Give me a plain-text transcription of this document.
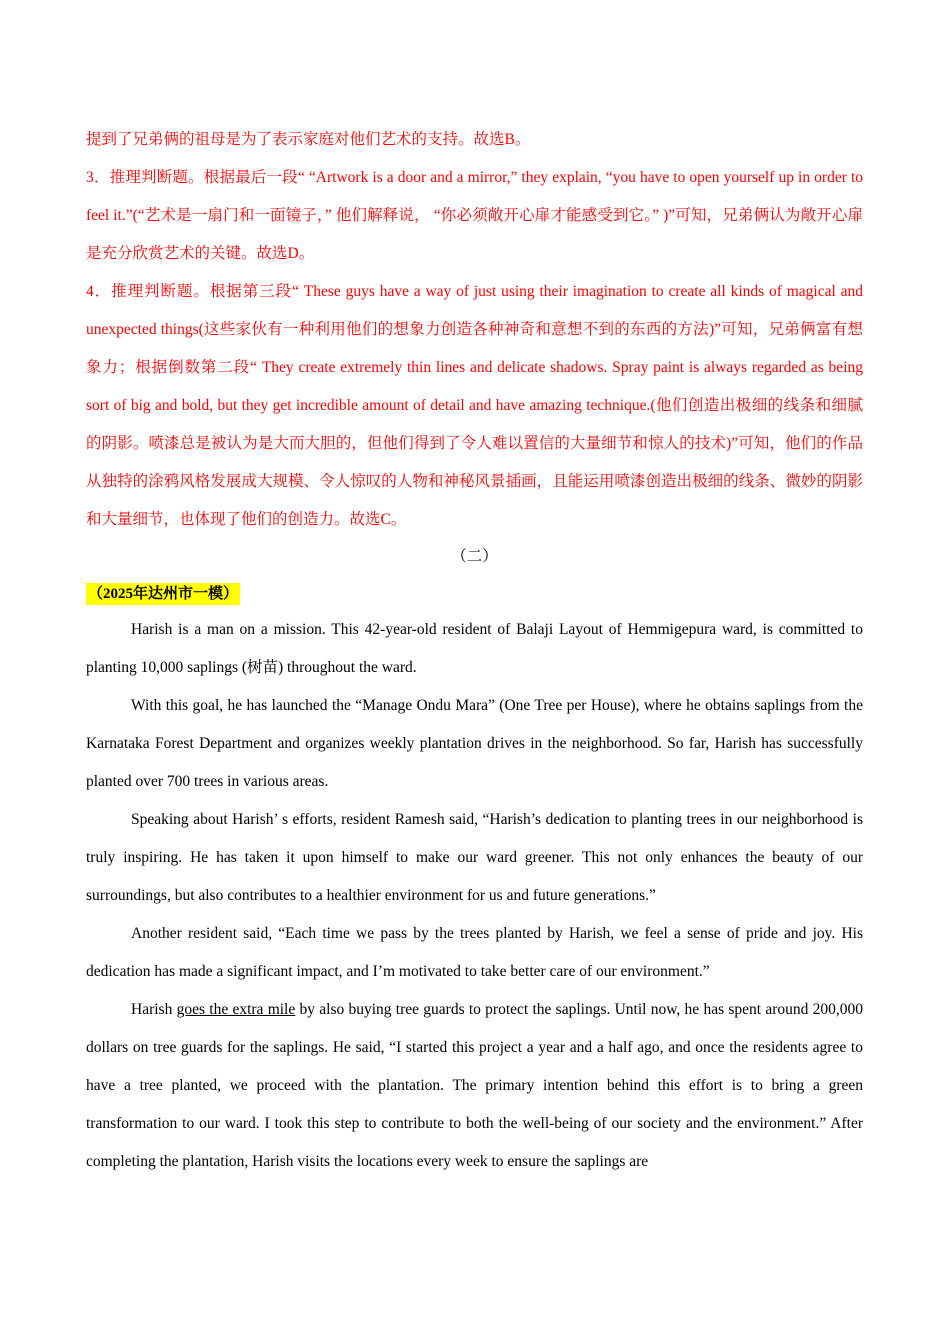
提到了兄弟俩的祖母是为了表示家庭对他们艺术的支持。故选B。

3．推理判断题。根据最后一段“ “Artwork is a door and a mirror,” they explain, “you have to open yourself up in order to feel it.”(“艺术是一扇门和一面镜子，” 他们解释说， “你必须敞开心扉才能感受到它。” )”可知，兄弟俩认为敞开心扉是充分欣赏艺术的关键。故选D。

4．推理判断题。根据第三段“ These guys have a way of just using their imagination to create all kinds of magical and unexpected things(这些家伙有一种利用他们的想象力创造各种神奇和意想不到的东西的方法)”可知，兄弟俩富有想象力；根据倒数第二段“ They create extremely thin lines and delicate shadows. Spray paint is always regarded as being sort of big and bold, but they get incredible amount of detail and have amazing technique.(他们创造出极细的线条和细腻的阴影。喷漆总是被认为是大而大胆的，但他们得到了令人难以置信的大量细节和惊人的技术)”可知，他们的作品从独特的涂鸦风格发展成大规模、令人惊叹的人物和神秘风景插画，且能运用喷漆创造出极细的线条、微妙的阴影和大量细节，也体现了他们的创造力。故选C。

（二）

（2025年达州市一模）

Harish is a man on a mission. This 42-year-old resident of Balaji Layout of Hemmigepura ward, is committed to planting 10,000 saplings (树苗) throughout the ward.

With this goal, he has launched the “Manage Ondu Mara” (One Tree per House), where he obtains saplings from the Karnataka Forest Department and organizes weekly plantation drives in the neighborhood. So far, Harish has successfully planted over 700 trees in various areas.

Speaking about Harish’ s efforts, resident Ramesh said, “Harish’s dedication to planting trees in our neighborhood is truly inspiring. He has taken it upon himself to make our ward greener. This not only enhances the beauty of our surroundings, but also contributes to a healthier environment for us and future generations.”

Another resident said, “Each time we pass by the trees planted by Harish, we feel a sense of pride and joy. His dedication has made a significant impact, and I’m motivated to take better care of our environment.”

Harish goes the extra mile by also buying tree guards to protect the saplings. Until now, he has spent around 200,000 dollars on tree guards for the saplings. He said, “I started this project a year and a half ago, and once the residents agree to have a tree planted, we proceed with the plantation. The primary intention behind this effort is to bring a green transformation to our ward. I took this step to contribute to both the well-being of our society and the environment.” After completing the plantation, Harish visits the locations every week to ensure the saplings are
